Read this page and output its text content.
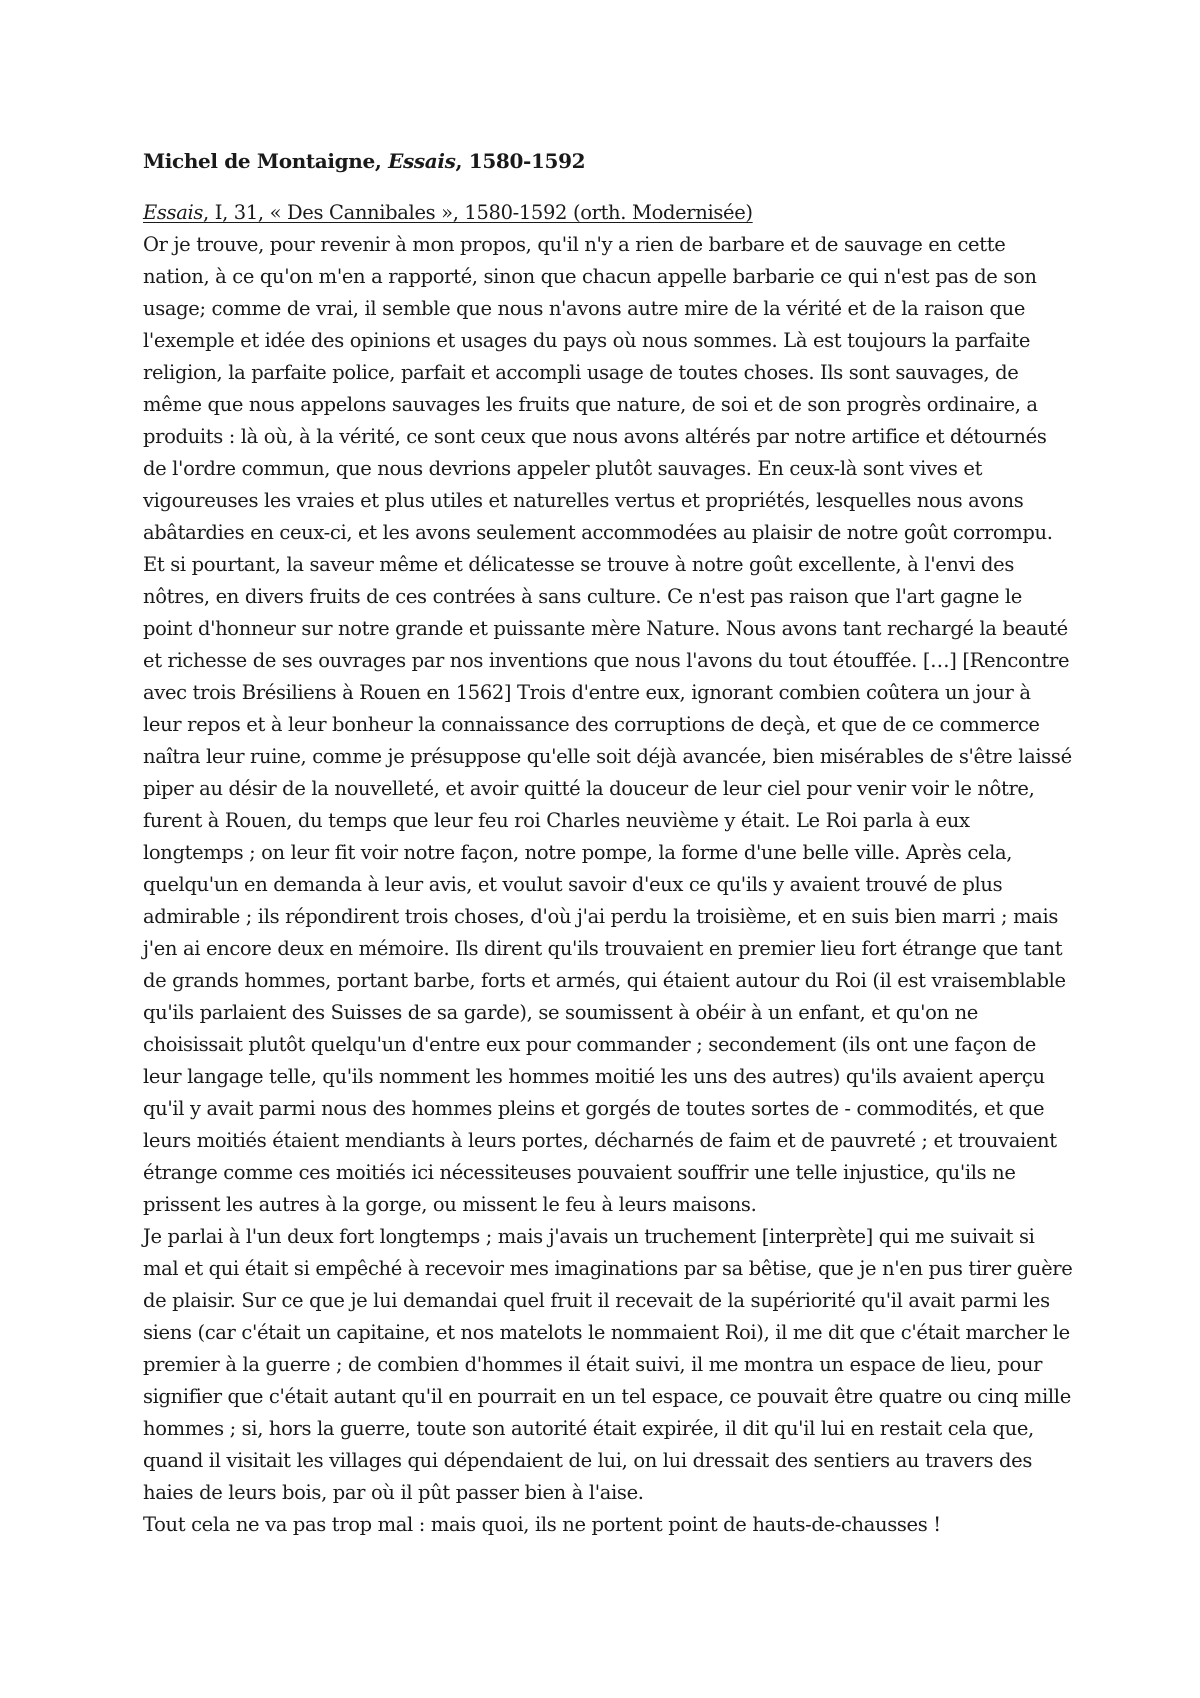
Michel de Montaigne, Essais, 1580-1592

Essais, I, 31, « Des Cannibales », 1580-1592 (orth. Modernisée)

Or je trouve, pour revenir à mon propos, qu'il n'y a rien de barbare et de sauvage en cette nation, à ce qu'on m'en a rapporté, sinon que chacun appelle barbarie ce qui n'est pas de son usage; comme de vrai, il semble que nous n'avons autre mire de la vérité et de la raison que l'exemple et idée des opinions et usages du pays où nous sommes. Là est toujours la parfaite religion, la parfaite police, parfait et accompli usage de toutes choses. Ils sont sauvages, de même que nous appelons sauvages les fruits que nature, de soi et de son progrès ordinaire, a produits : là où, à la vérité, ce sont ceux que nous avons altérés par notre artifice et détournés de l'ordre commun, que nous devrions appeler plutôt sauvages. En ceux-là sont vives et vigoureuses les vraies et plus utiles et naturelles vertus et propriétés, lesquelles nous avons abâtardies en ceux-ci, et les avons seulement accommodées au plaisir de notre goût corrompu. Et si pourtant, la saveur même et délicatesse se trouve à notre goût excellente, à l'envi des nôtres, en divers fruits de ces contrées à sans culture. Ce n'est pas raison que l'art gagne le point d'honneur sur notre grande et puissante mère Nature. Nous avons tant rechargé la beauté et richesse de ses ouvrages par nos inventions que nous l'avons du tout étouffée. […] [Rencontre avec trois Brésiliens à Rouen en 1562] Trois d'entre eux, ignorant combien coûtera un jour à leur repos et à leur bonheur la connaissance des corruptions de deçà, et que de ce commerce naîtra leur ruine, comme je présuppose qu'elle soit déjà avancée, bien misérables de s'être laissé piper au désir de la nouvelleté, et avoir quitté la douceur de leur ciel pour venir voir le nôtre, furent à Rouen, du temps que leur feu roi Charles neuvième y était. Le Roi parla à eux longtemps ; on leur fit voir notre façon, notre pompe, la forme d'une belle ville. Après cela, quelqu'un en demanda à leur avis, et voulut savoir d'eux ce qu'ils y avaient trouvé de plus admirable ; ils répondirent trois choses, d'où j'ai perdu la troisième, et en suis bien marri ; mais j'en ai encore deux en mémoire. Ils dirent qu'ils trouvaient en premier lieu fort étrange que tant de grands hommes, portant barbe, forts et armés, qui étaient autour du Roi (il est vraisemblable qu'ils parlaient des Suisses de sa garde), se soumissent à obéir à un enfant, et qu'on ne choisissait plutôt quelqu'un d'entre eux pour commander ; secondement (ils ont une façon de leur langage telle, qu'ils nomment les hommes moitié les uns des autres) qu'ils avaient aperçu qu'il y avait parmi nous des hommes pleins et gorgés de toutes sortes de - commodités, et que leurs moitiés étaient mendiants à leurs portes, décharnés de faim et de pauvreté ; et trouvaient étrange comme ces moitiés ici nécessiteuses pouvaient souffrir une telle injustice, qu'ils ne prissent les autres à la gorge, ou missent le feu à leurs maisons.

Je parlai à l'un deux fort longtemps ; mais j'avais un truchement [interprète] qui me suivait si mal et qui était si empêché à recevoir mes imaginations par sa bêtise, que je n'en pus tirer guère de plaisir. Sur ce que je lui demandai quel fruit il recevait de la supériorité qu'il avait parmi les siens (car c'était un capitaine, et nos matelots le nommaient Roi), il me dit que c'était marcher le premier à la guerre ; de combien d'hommes il était suivi, il me montra un espace de lieu, pour signifier que c'était autant qu'il en pourrait en un tel espace, ce pouvait être quatre ou cinq mille hommes ; si, hors la guerre, toute son autorité était expirée, il dit qu'il lui en restait cela que, quand il visitait les villages qui dépendaient de lui, on lui dressait des sentiers au travers des haies de leurs bois, par où il pût passer bien à l'aise.

Tout cela ne va pas trop mal : mais quoi, ils ne portent point de hauts-de-chausses !
